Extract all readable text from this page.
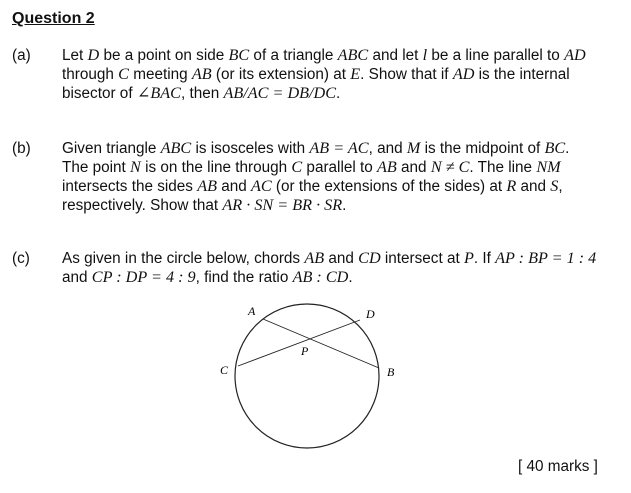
Question 2
(a) Let D be a point on side BC of a triangle ABC and let l be a line parallel to AD
through C meeting AB (or its extension) at E. Show that if AD is the internal
bisector of ∠BAC, then AB/AC = DB/DC.
(b) Given triangle ABC is isosceles with AB = AC, and M is the midpoint of BC.
The point N is on the line through C parallel to AB and N ≠ C. The line NM
intersects the sides AB and AC (or the extensions of the sides) at R and S,
respectively. Show that AR · SN = BR · SR.
(c) As given in the circle below, chords AB and CD intersect at P. If AP : BP = 1 : 4
and CP : DP = 4 : 9, find the ratio AB : CD.
A	D
P
C	B
[ 40 marks ]
